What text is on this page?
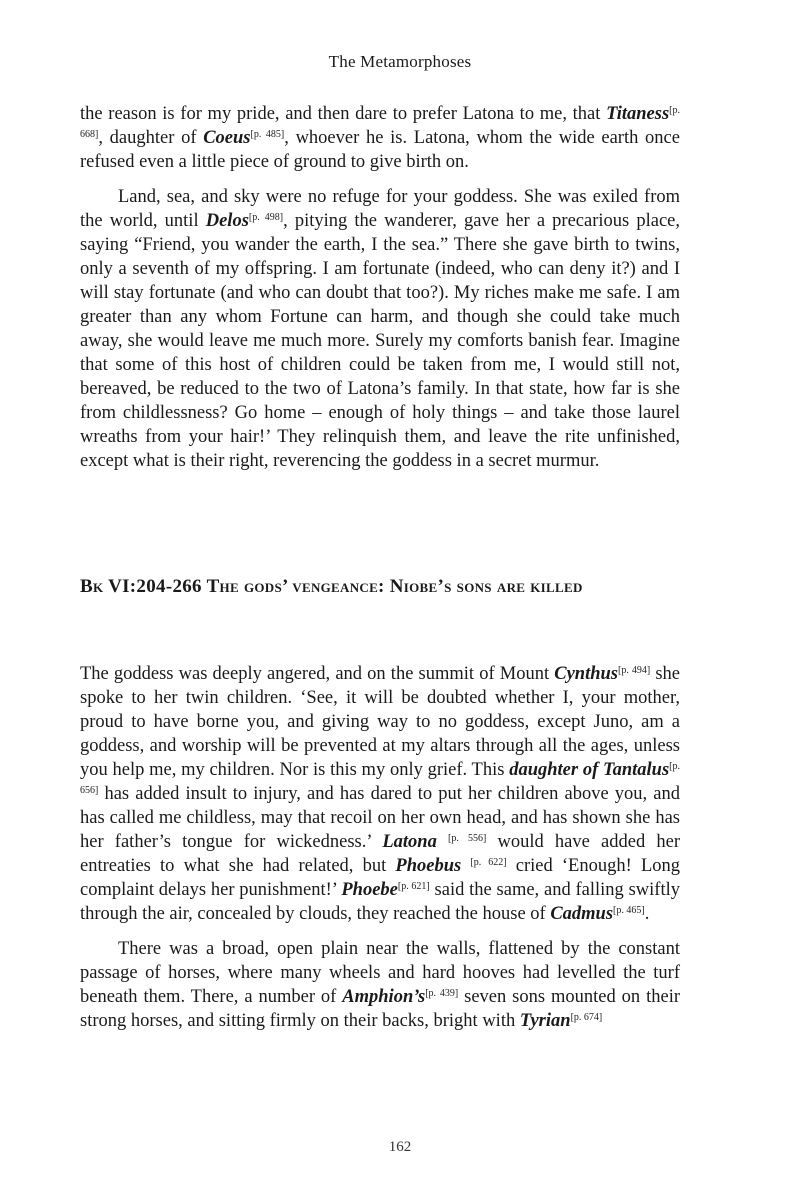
The Metamorphoses

the reason is for my pride, and then dare to prefer Latona to me, that Titaness[p. 668], daughter of Coeus[p. 485], whoever he is. Latona, whom the wide earth once refused even a little piece of ground to give birth on.

Land, sea, and sky were no refuge for your goddess. She was exiled from the world, until Delos[p. 498], pitying the wanderer, gave her a precarious place, saying “Friend, you wander the earth, I the sea.” There she gave birth to twins, only a seventh of my offspring. I am fortunate (indeed, who can deny it?) and I will stay fortunate (and who can doubt that too?). My riches make me safe. I am greater than any whom Fortune can harm, and though she could take much away, she would leave me much more. Surely my comforts banish fear. Imagine that some of this host of children could be taken from me, I would still not, bereaved, be reduced to the two of Latona’s family. In that state, how far is she from childlessness? Go home – enough of holy things – and take those laurel wreaths from your hair!’ They relinquish them, and leave the rite unfinished, except what is their right, reverencing the goddess in a secret murmur.

Bk VI:204-266 The gods’ vengeance: Niobe’s sons are killed

The goddess was deeply angered, and on the summit of Mount Cynthus[p. 494] she spoke to her twin children. ‘See, it will be doubted whether I, your mother, proud to have borne you, and giving way to no goddess, except Juno, am a goddess, and worship will be prevented at my altars through all the ages, unless you help me, my children. Nor is this my only grief. This daughter of Tantalus[p. 656] has added insult to injury, and has dared to put her children above you, and has called me childless, may that recoil on her own head, and has shown she has her father’s tongue for wickedness.’ Latona [p. 556] would have added her entreaties to what she had related, but Phoebus [p. 622] cried ‘Enough! Long complaint delays her punishment!’ Phoebe[p. 621] said the same, and falling swiftly through the air, concealed by clouds, they reached the house of Cadmus[p. 465].

There was a broad, open plain near the walls, flattened by the constant passage of horses, where many wheels and hard hooves had levelled the turf beneath them. There, a number of Amphion’s[p. 439] seven sons mounted on their strong horses, and sitting firmly on their backs, bright with Tyrian[p. 674]

162
